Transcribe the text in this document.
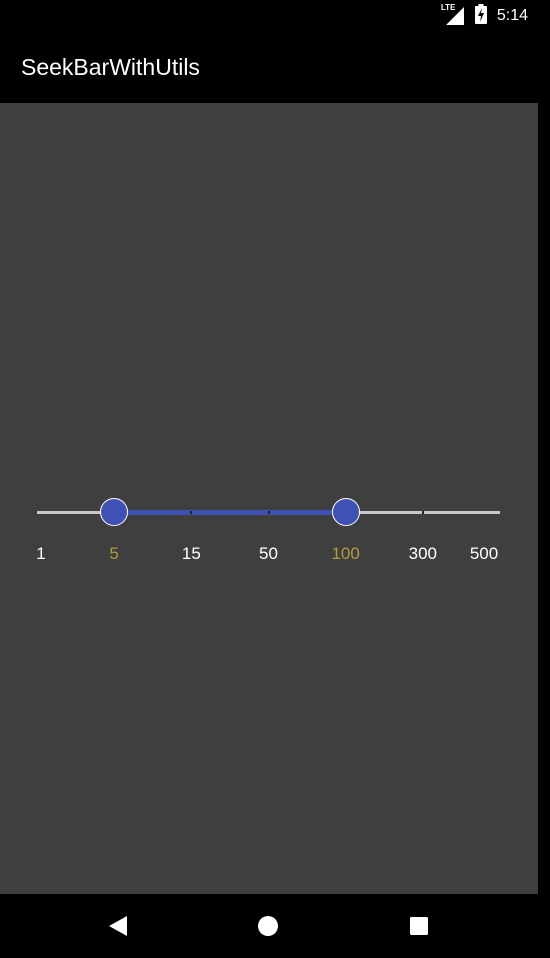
LTE	5:14
SeekBarWithUtils
1	5	15	50	100	300	500
